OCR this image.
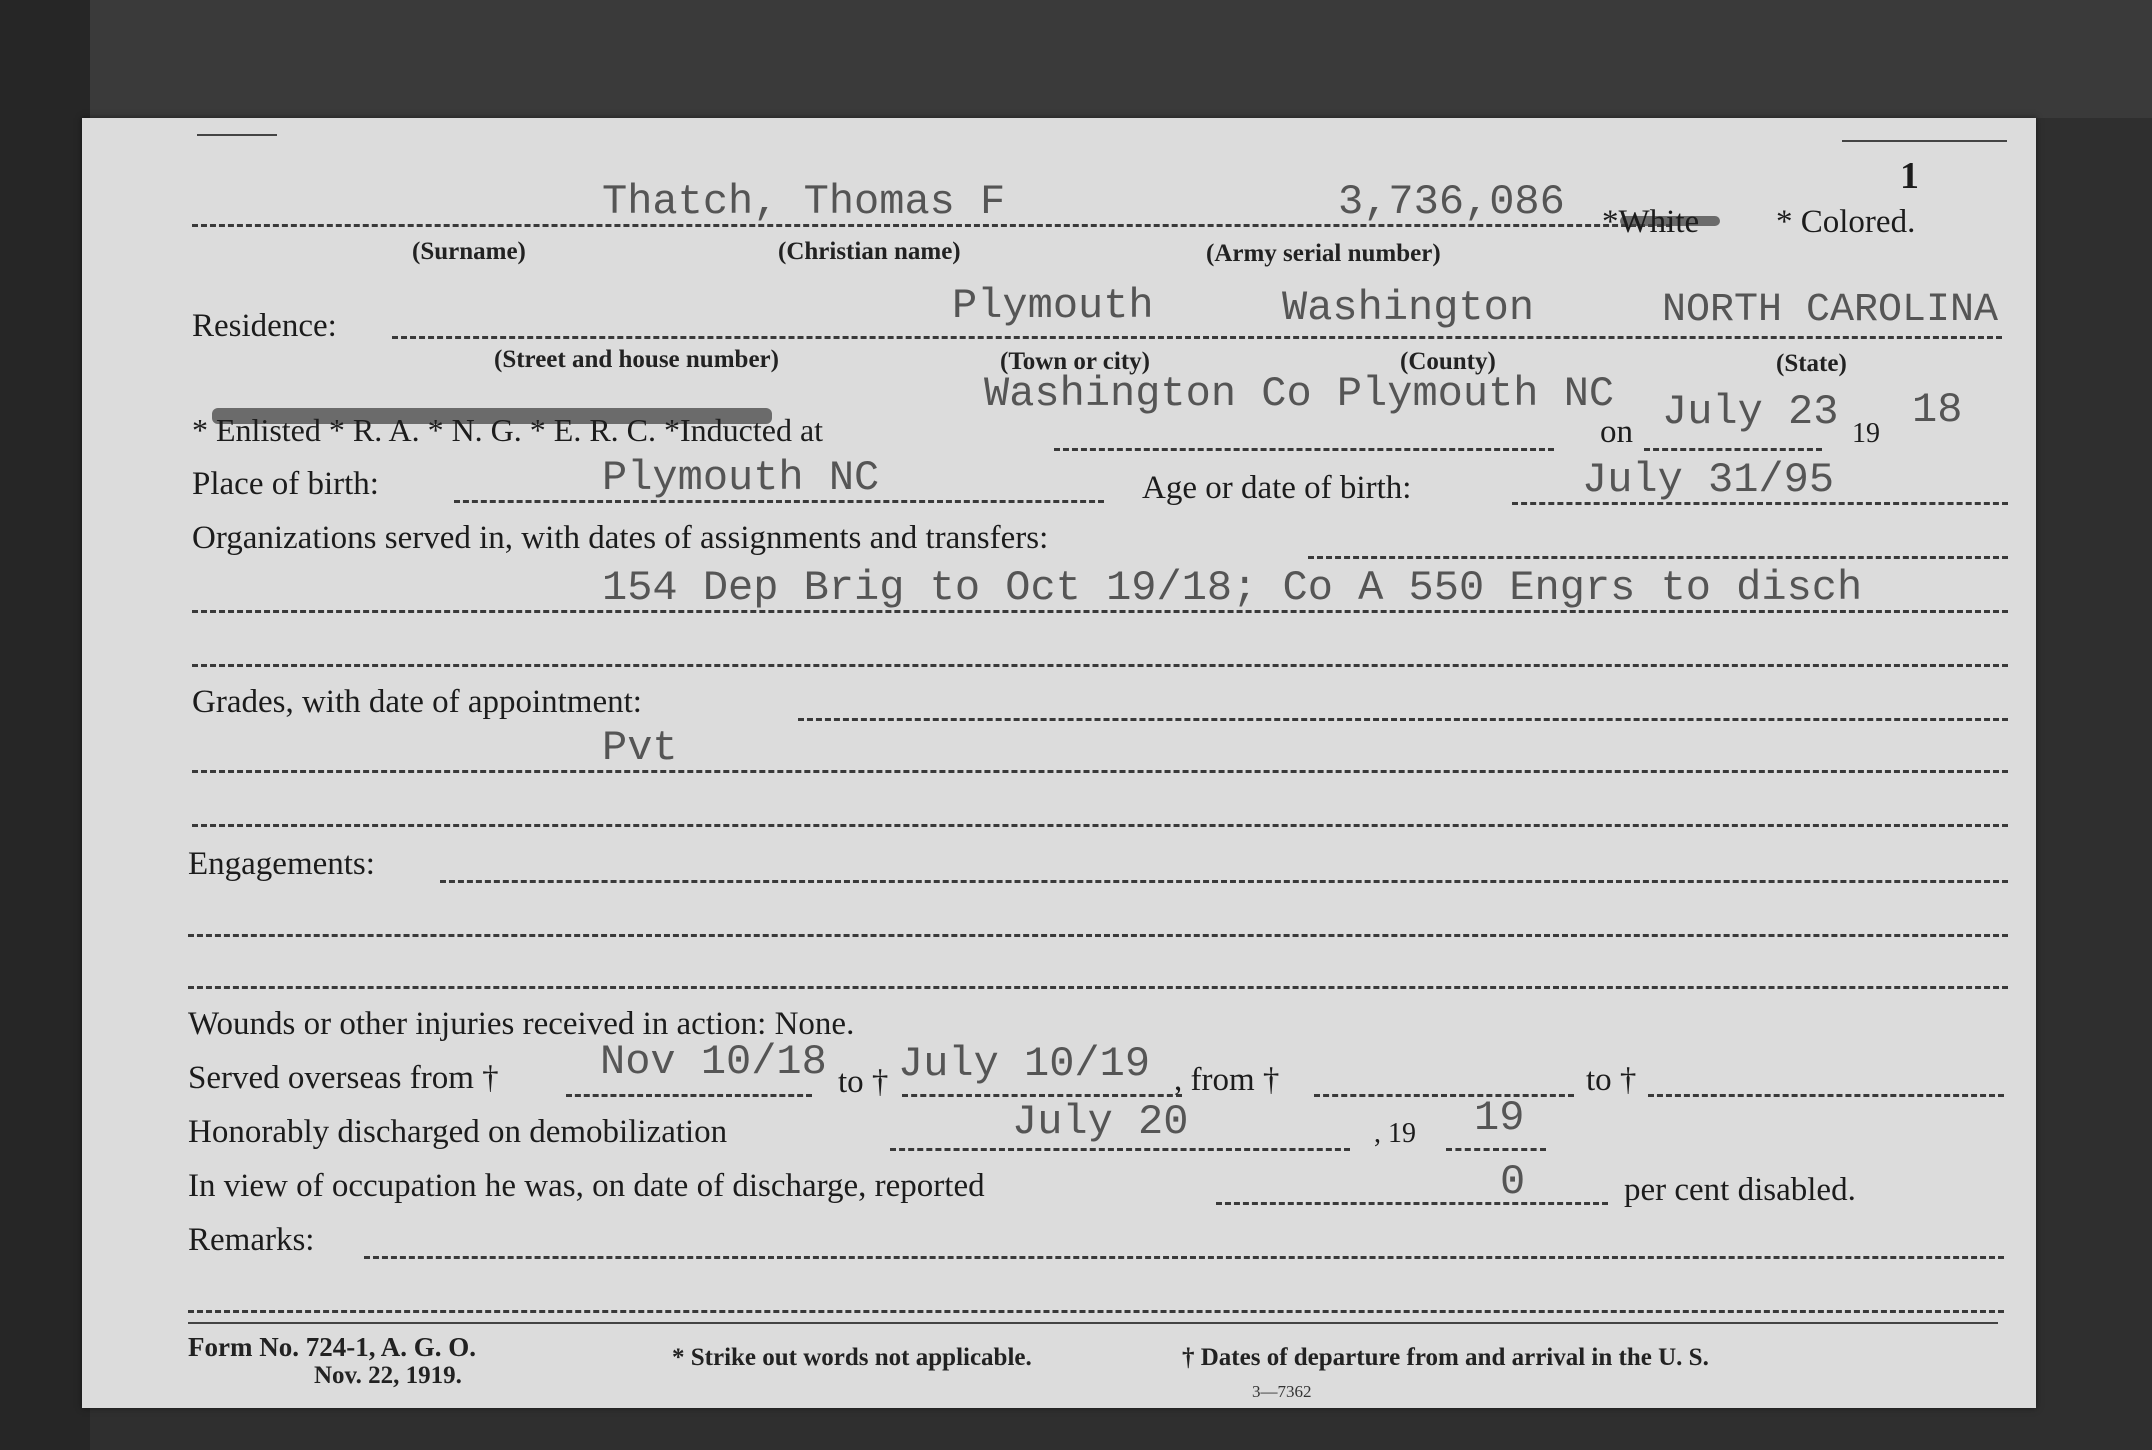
1
Thatch, Thomas F	3,736,086 *White * Colored.
(Surname)	(Christian name)	(Army serial number)
Residence:	Plymouth	Washington	NORTH CAROLINA
(Street and house number)	(Town or city)	(County)	(State)
* Enlisted * R. A. * N. G. * E. R. C. *Inducted at
Washington Co Plymouth NC
on July 23 19 18
Place of birth:	Plymouth NC	Age or date of birth:	July 31/95
Organizations served in, with dates of assignments and transfers:
154 Dep Brig to Oct 19/18; Co A 550 Engrs to disch
Grades, with date of appointment:
Pvt
Engagements:
Wounds or other injuries received in action: None.
Served overseas from † Nov 10/18 to † July 10/19 , from †	to †
Honorably discharged on demobilization	July 20	, 19 19
In view of occupation he was, on date of discharge, reported	0	per cent disabled.
Remarks:
Form No. 724-1, A. G. O.
Nov. 22, 1919.
* Strike out words not applicable.	† Dates of departure from and arrival in the U. S.
3—7362
